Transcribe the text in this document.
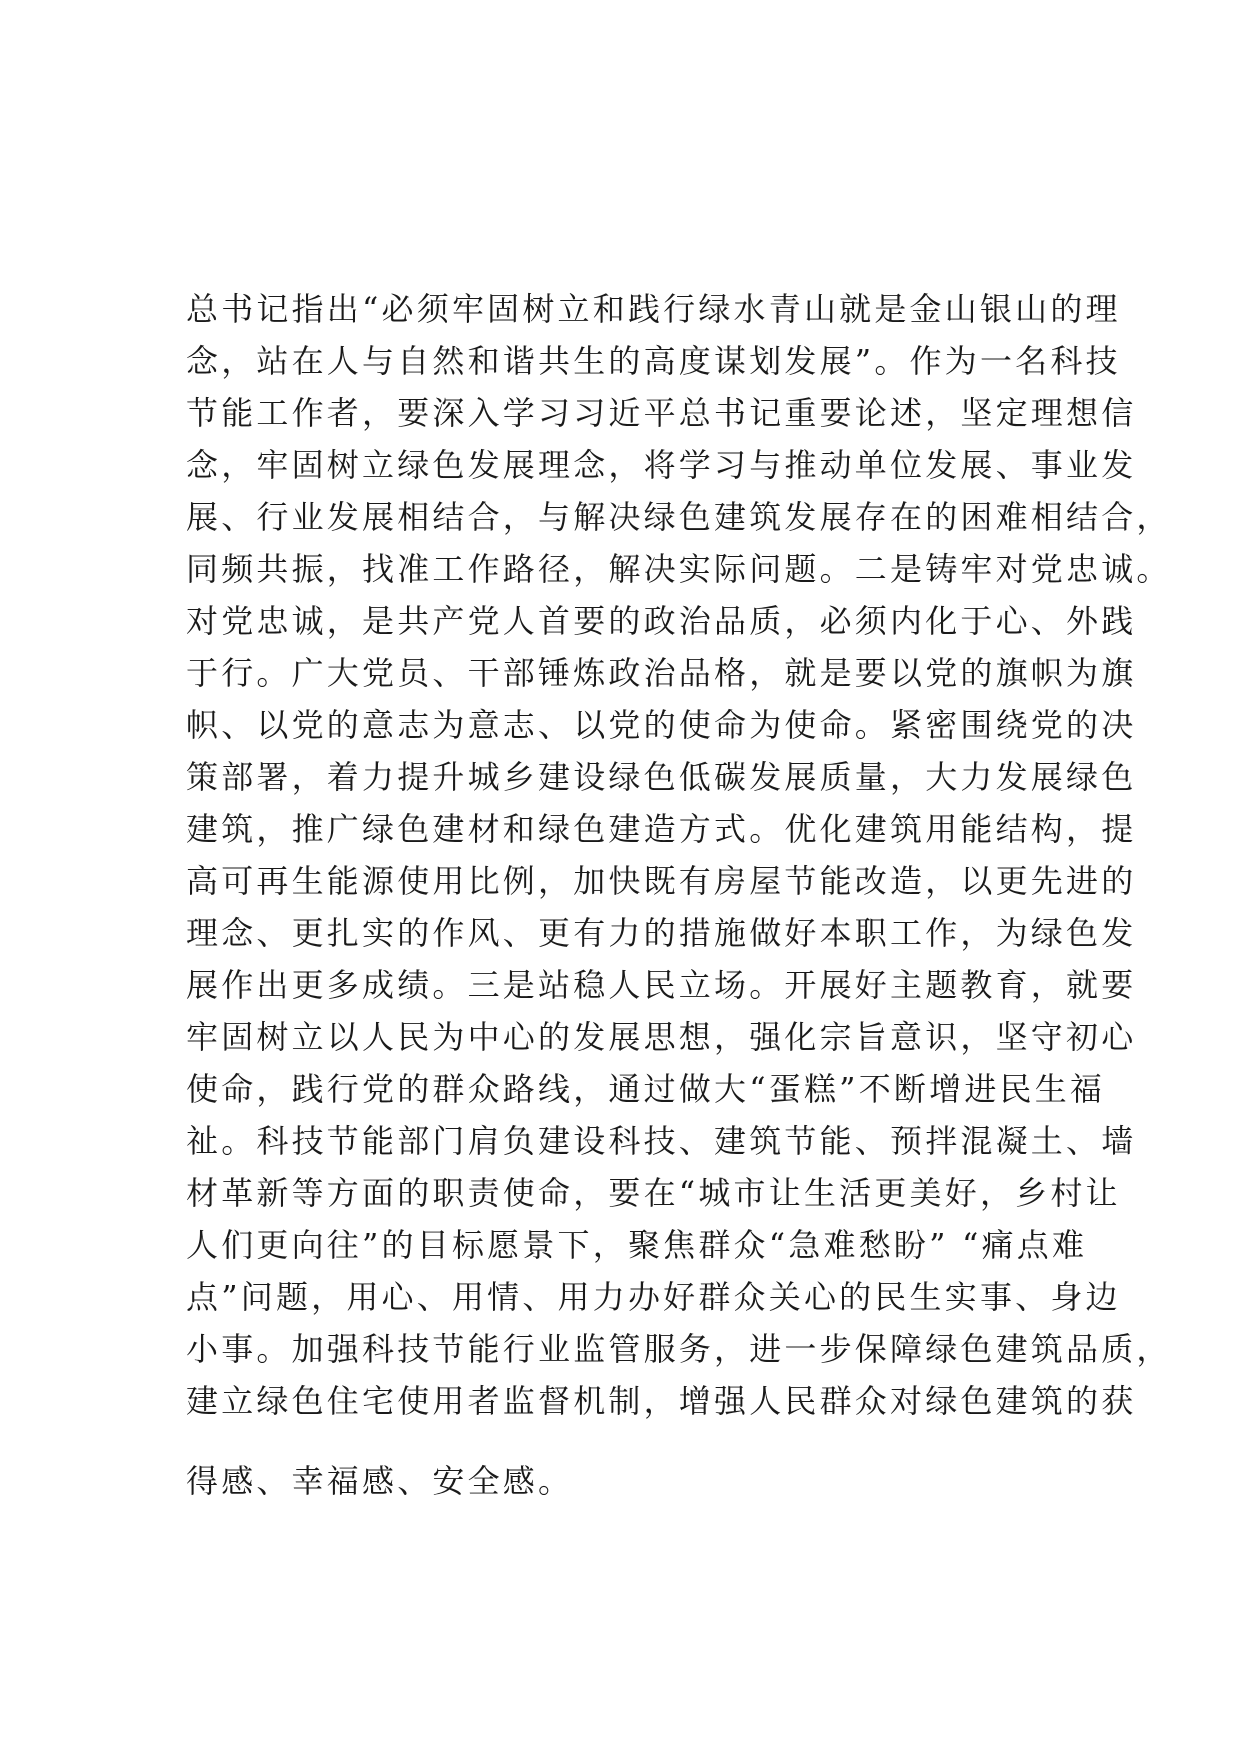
总书记指出“必须牢固树立和践行绿水青山就是金山银山的理
念，站在人与自然和谐共生的高度谋划发展”。作为一名科技
节能工作者，要深入学习习近平总书记重要论述，坚定理想信
念，牢固树立绿色发展理念，将学习与推动单位发展、事业发
展、行业发展相结合，与解决绿色建筑发展存在的困难相结合，
同频共振，找准工作路径，解决实际问题。二是铸牢对党忠诚。
对党忠诚，是共产党人首要的政治品质，必须内化于心、外践
于行。广大党员、干部锤炼政治品格，就是要以党的旗帜为旗
帜、以党的意志为意志、以党的使命为使命。紧密围绕党的决
策部署，着力提升城乡建设绿色低碳发展质量，大力发展绿色
建筑，推广绿色建材和绿色建造方式。优化建筑用能结构，提
高可再生能源使用比例，加快既有房屋节能改造，以更先进的
理念、更扎实的作风、更有力的措施做好本职工作，为绿色发
展作出更多成绩。三是站稳人民立场。开展好主题教育，就要
牢固树立以人民为中心的发展思想，强化宗旨意识，坚守初心
使命，践行党的群众路线，通过做大“蛋糕”不断增进民生福
祉。科技节能部门肩负建设科技、建筑节能、预拌混凝土、墙
材革新等方面的职责使命，要在“城市让生活更美好，乡村让
人们更向往”的目标愿景下，聚焦群众“急难愁盼” “痛点难
点”问题，用心、用情、用力办好群众关心的民生实事、身边
小事。加强科技节能行业监管服务，进一步保障绿色建筑品质，
建立绿色住宅使用者监督机制，增强人民群众对绿色建筑的获
得感、幸福感、安全感。
